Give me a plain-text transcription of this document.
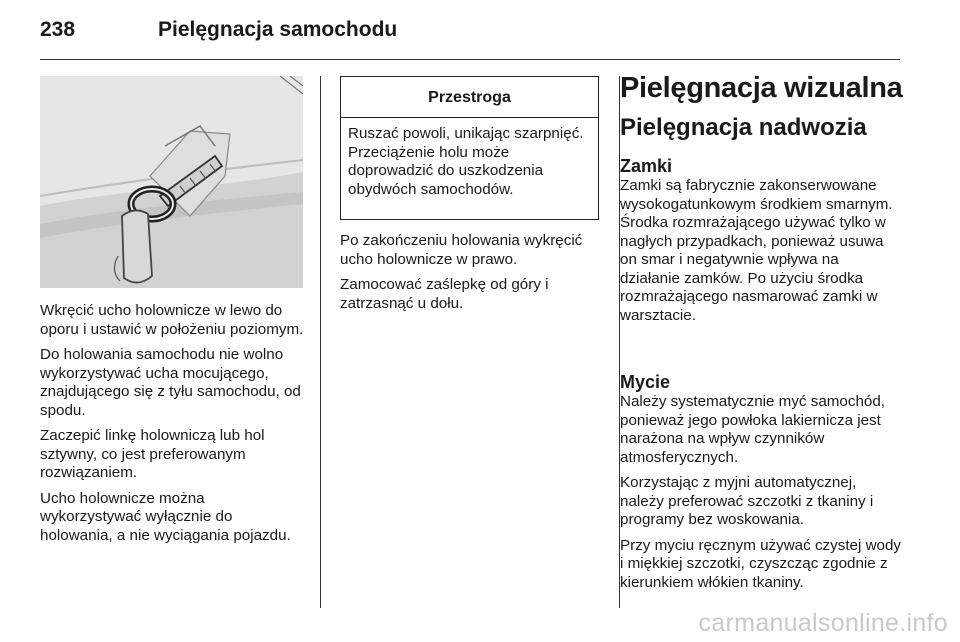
238	Pielęgnacja samochodu

Wkręcić ucho holownicze w lewo do oporu i ustawić w położeniu poziomym.

Do holowania samochodu nie wolno wykorzystywać ucha mocującego, znajdującego się z tyłu samochodu, od spodu.

Zaczepić linkę holowniczą lub hol sztywny, co jest preferowanym rozwiązaniem.

Ucho holownicze można wykorzystywać wyłącznie do holowania, a nie wyciągania pojazdu.

Przestroga
Ruszać powoli, unikając szarpnięć. Przeciążenie holu może doprowadzić do uszkodzenia obydwóch samochodów.

Po zakończeniu holowania wykręcić ucho holownicze w prawo.

Zamocować zaślepkę od góry i zatrzasnąć u dołu.

Pielęgnacja wizualna
Pielęgnacja nadwozia
Zamki

Zamki są fabrycznie zakonserwowane wysokogatunkowym środkiem smarnym. Środka rozmrażającego używać tylko w nagłych przypadkach, ponieważ usuwa on smar i negatywnie wpływa na działanie zamków. Po użyciu środka rozmrażającego nasmarować zamki w warsztacie.

Mycie

Należy systematycznie myć samochód, ponieważ jego powłoka lakiernicza jest narażona na wpływ czynników atmosferycznych.

Korzystając z myjni automatycznej, należy preferować szczotki z tkaniny i programy bez woskowania.

Przy myciu ręcznym używać czystej wody i miękkiej szczotki, czyszcząc zgodnie z kierunkiem włókien tkaniny.

carmanualsonline.info
